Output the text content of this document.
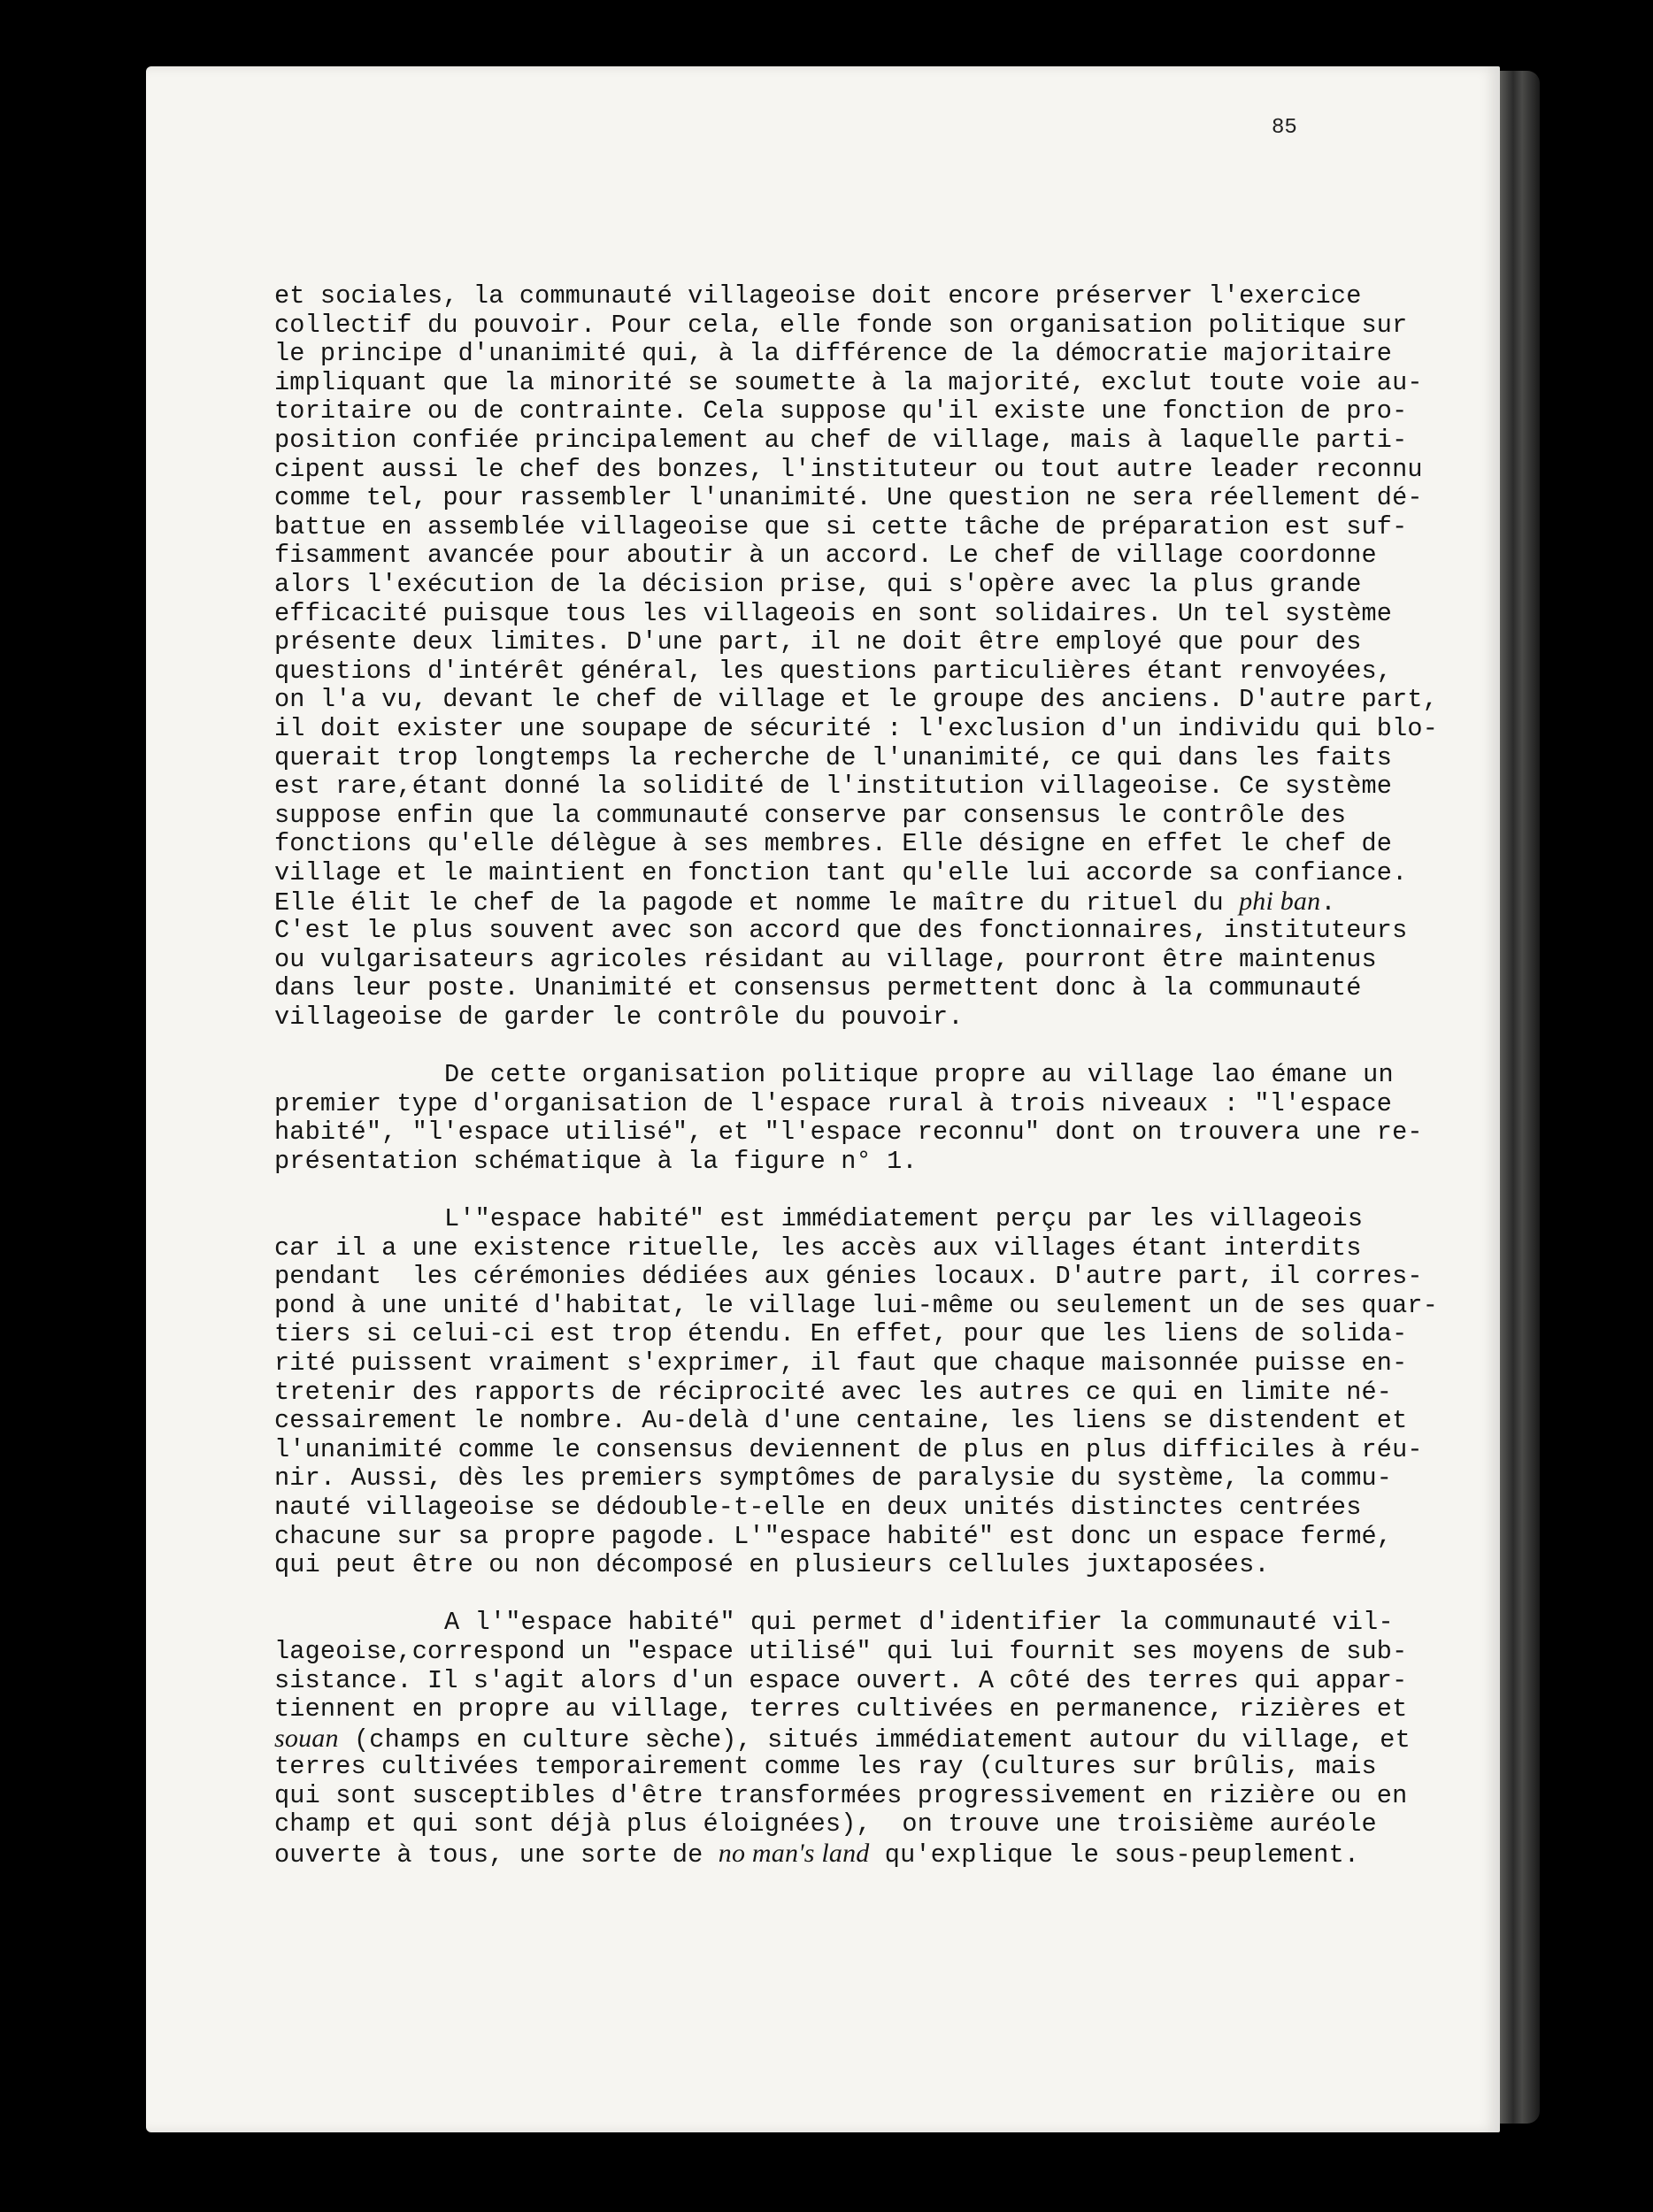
85
et sociales, la communauté villageoise doit encore préserver l'exercice
collectif du pouvoir. Pour cela, elle fonde son organisation politique sur
le principe d'unanimité qui, à la différence de la démocratie majoritaire
impliquant que la minorité se soumette à la majorité, exclut toute voie au-
toritaire ou de contrainte. Cela suppose qu'il existe une fonction de pro-
position confiée principalement au chef de village, mais à laquelle parti-
cipent aussi le chef des bonzes, l'instituteur ou tout autre leader reconnu
comme tel, pour rassembler l'unanimité. Une question ne sera réellement dé-
battue en assemblée villageoise que si cette tâche de préparation est suf-
fisamment avancée pour aboutir à un accord. Le chef de village coordonne
alors l'exécution de la décision prise, qui s'opère avec la plus grande
efficacité puisque tous les villageois en sont solidaires. Un tel système
présente deux limites. D'une part, il ne doit être employé que pour des
questions d'intérêt général, les questions particulières étant renvoyées,
on l'a vu, devant le chef de village et le groupe des anciens. D'autre part,
il doit exister une soupape de sécurité : l'exclusion d'un individu qui blo-
querait trop longtemps la recherche de l'unanimité, ce qui dans les faits
est rare,étant donné la solidité de l'institution villageoise. Ce système
suppose enfin que la communauté conserve par consensus le contrôle des
fonctions qu'elle délègue à ses membres. Elle désigne en effet le chef de
village et le maintient en fonction tant qu'elle lui accorde sa confiance.
Elle élit le chef de la pagode et nomme le maître du rituel du phi ban.
C'est le plus souvent avec son accord que des fonctionnaires, instituteurs
ou vulgarisateurs agricoles résidant au village, pourront être maintenus
dans leur poste. Unanimité et consensus permettent donc à la communauté
villageoise de garder le contrôle du pouvoir.
De cette organisation politique propre au village lao émane un
premier type d'organisation de l'espace rural à trois niveaux : "l'espace
habité", "l'espace utilisé", et "l'espace reconnu" dont on trouvera une re-
présentation schématique à la figure n° 1.
L'"espace habité" est immédiatement perçu par les villageois
car il a une existence rituelle, les accès aux villages étant interdits
pendant  les cérémonies dédiées aux génies locaux. D'autre part, il corres-
pond à une unité d'habitat, le village lui-même ou seulement un de ses quar-
tiers si celui-ci est trop étendu. En effet, pour que les liens de solida-
rité puissent vraiment s'exprimer, il faut que chaque maisonnée puisse en-
tretenir des rapports de réciprocité avec les autres ce qui en limite né-
cessairement le nombre. Au-delà d'une centaine, les liens se distendent et
l'unanimité comme le consensus deviennent de plus en plus difficiles à réu-
nir. Aussi, dès les premiers symptômes de paralysie du système, la commu-
nauté villageoise se dédouble-t-elle en deux unités distinctes centrées
chacune sur sa propre pagode. L'"espace habité" est donc un espace fermé,
qui peut être ou non décomposé en plusieurs cellules juxtaposées.
A l'"espace habité" qui permet d'identifier la communauté vil-
lageoise,correspond un "espace utilisé" qui lui fournit ses moyens de sub-
sistance. Il s'agit alors d'un espace ouvert. A côté des terres qui appar-
tiennent en propre au village, terres cultivées en permanence, rizières et
souan (champs en culture sèche), situés immédiatement autour du village, et
terres cultivées temporairement comme les ray (cultures sur brûlis, mais
qui sont susceptibles d'être transformées progressivement en rizière ou en
champ et qui sont déjà plus éloignées),  on trouve une troisième auréole
ouverte à tous, une sorte de no man's land qu'explique le sous-peuplement.
